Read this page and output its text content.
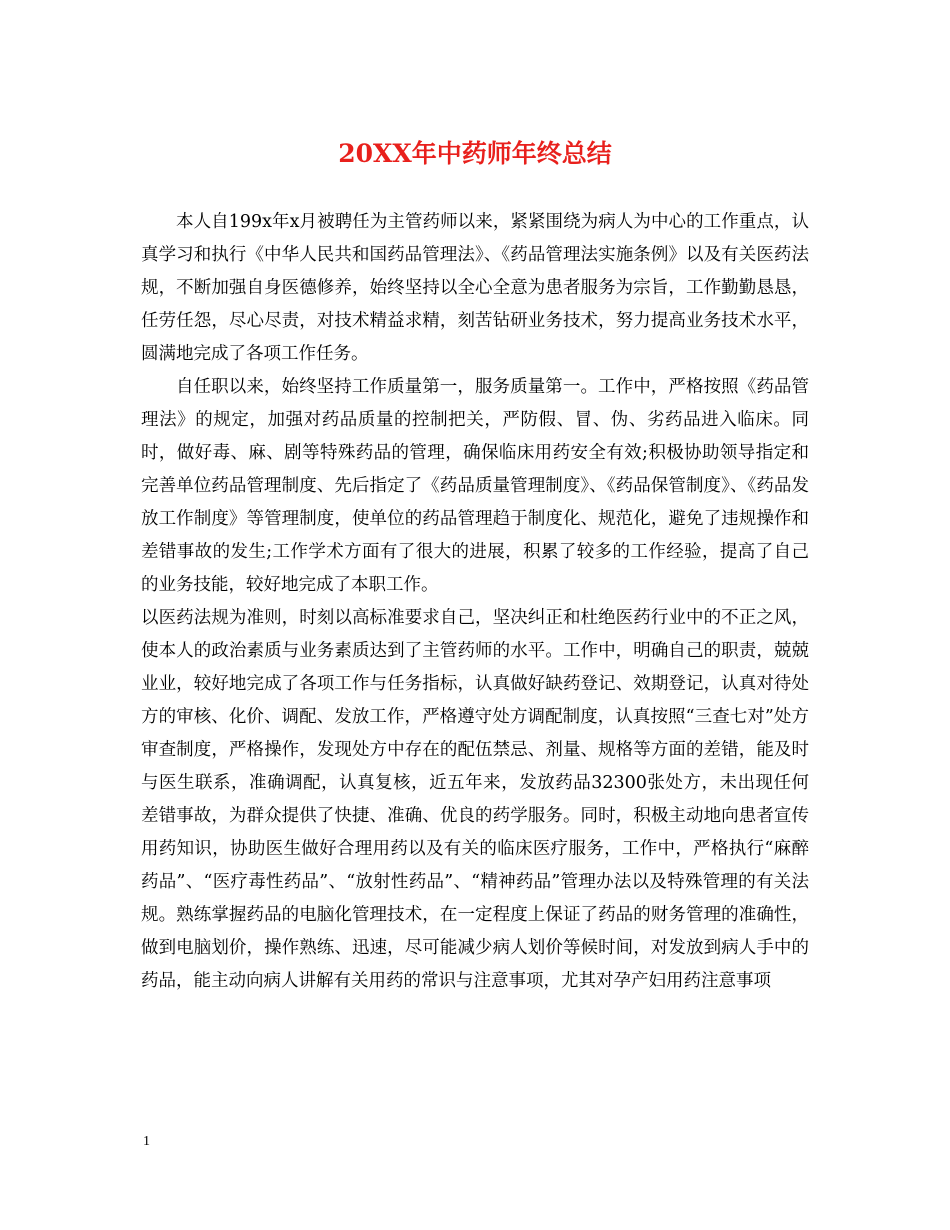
20XX年中药师年终总结

本人自199x年x月被聘任为主管药师以来，紧紧围绕为病人为中心的工作重点，认真学习和执行《中华人民共和国药品管理法》、《药品管理法实施条例》以及有关医药法规，不断加强自身医德修养，始终坚持以全心全意为患者服务为宗旨，工作勤勤恳恳，任劳任怨，尽心尽责，对技术精益求精，刻苦钻研业务技术，努力提高业务技术水平，圆满地完成了各项工作任务。

自任职以来，始终坚持工作质量第一，服务质量第一。工作中，严格按照《药品管理法》的规定，加强对药品质量的控制把关，严防假、冒、伪、劣药品进入临床。同时，做好毒、麻、剧等特殊药品的管理，确保临床用药安全有效;积极协助领导指定和完善单位药品管理制度、先后指定了《药品质量管理制度》、《药品保管制度》、《药品发放工作制度》等管理制度，使单位的药品管理趋于制度化、规范化，避免了违规操作和差错事故的发生;工作学术方面有了很大的进展，积累了较多的工作经验，提高了自己的业务技能，较好地完成了本职工作。

以医药法规为准则，时刻以高标准要求自己，坚决纠正和杜绝医药行业中的不正之风，使本人的政治素质与业务素质达到了主管药师的水平。工作中，明确自己的职责，兢兢业业，较好地完成了各项工作与任务指标，认真做好缺药登记、效期登记，认真对待处方的审核、化价、调配、发放工作，严格遵守处方调配制度，认真按照“三查七对”处方审查制度，严格操作，发现处方中存在的配伍禁忌、剂量、规格等方面的差错，能及时与医生联系，准确调配，认真复核，近五年来，发放药品32300张处方，未出现任何差错事故，为群众提供了快捷、准确、优良的药学服务。同时，积极主动地向患者宣传用药知识，协助医生做好合理用药以及有关的临床医疗服务，工作中，严格执行“麻醉药品”、“医疗毒性药品”、“放射性药品”、“精神药品”管理办法以及特殊管理的有关法规。熟练掌握药品的电脑化管理技术，在一定程度上保证了药品的财务管理的准确性，做到电脑划价，操作熟练、迅速，尽可能减少病人划价等候时间，对发放到病人手中的药品，能主动向病人讲解有关用药的常识与注意事项，尤其对孕产妇用药注意事项

1
